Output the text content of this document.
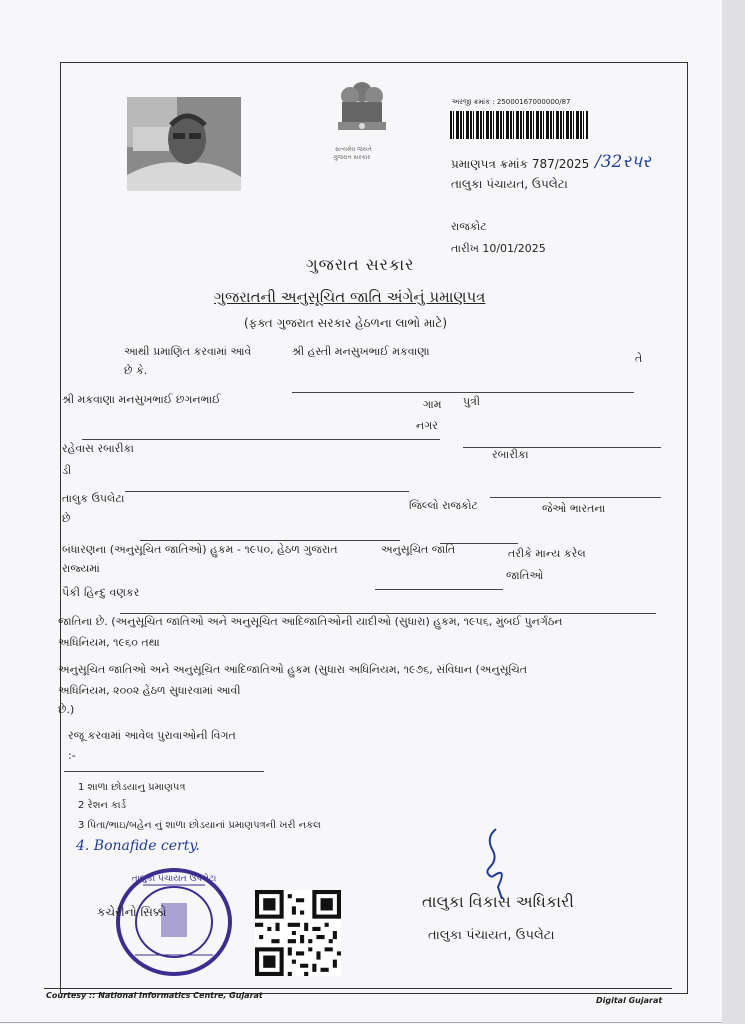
સત્યમેવ જયતે
ગુજરાત સરકાર
અરજી ક્રમાંક : 25000167000000/87
પ્રમાણપત્ર ક્રમાંક 787/2025 /32રપર
તાલુકા પંચાયત, ઉપલેટા
રાજકોટ
તારીખ 10/01/2025
ગુજરાત સરકાર
ગુજરાતની અનુસૂચિત જાતિ અંગેનું પ્રમાણપત્ર
(ફક્ત ગુજરાત સરકાર હેઠળના લાભો માટે)
આથી પ્રમાણિત કરવામાં આવે	શ્રી હસ્તી મનસુખભાઈ મકવાણા
તે
છે કે.
શ્રી મકવાણા મનસુખભાઈ છગનભાઈ	ગામ પુત્રી
નગર
રહેવાસ રબારીકા	રબારીકા
ડી
તાલુક ઉપલેટા
જિલ્લો રાજકોટ	જેઓ ભારતના
છે
બંધારણના (અનુસૂચિત જાતિઓ) હુકમ - ૧૯૫૦, હેઠળ ગુજરાત	અનુસૂચિત જાતિ	તરીકે માન્ય કરેલ
રાજ્યમાં
જાતિઓ
પૈકી હિન્દુ વણકર
જાતિના છે. (અનુસૂચિત જાતિઓ અને અનુસૂચિત આદિજાતિઓની યાદીઓ (સુધારા) હુકમ, ૧૯૫૬, મુંબઈ પુનર્ગઠન
અધિનિયમ, ૧૯૬૦ તથા
અનુસૂચિત જાતિઓ અને અનુસૂચિત આદિજાતિઓ હુકમ (સુધારા અધિનિયમ, ૧૯૭૬, સંવિધાન (અનુસૂચિત
અધિનિયમ, ૨૦૦૨ હેઠળ સુધારવામાં આવી
છે.)
રજૂ કરવામાં આવેલ પુરાવાઓની વિગત
:-
1 શાળા છોડયાનુ પ્રમાણપત્ર
2 રેશન કાર્ડ
3 પિતા/ભાઇ/બહેન નું શાળા છોડયાનાં પ્રમાણપત્રની ખરી નકલ
4. Bonafide certy.
તાલુકા પંચાયત ઉપલેટા
કચેરીનો સિક્કો
તાલુકા વિકાસ અધિકારી
તાલુકા પંચાયત, ઉપલેટા
Courtesy :: National Informatics Centre, Gujarat
Digital Gujarat
